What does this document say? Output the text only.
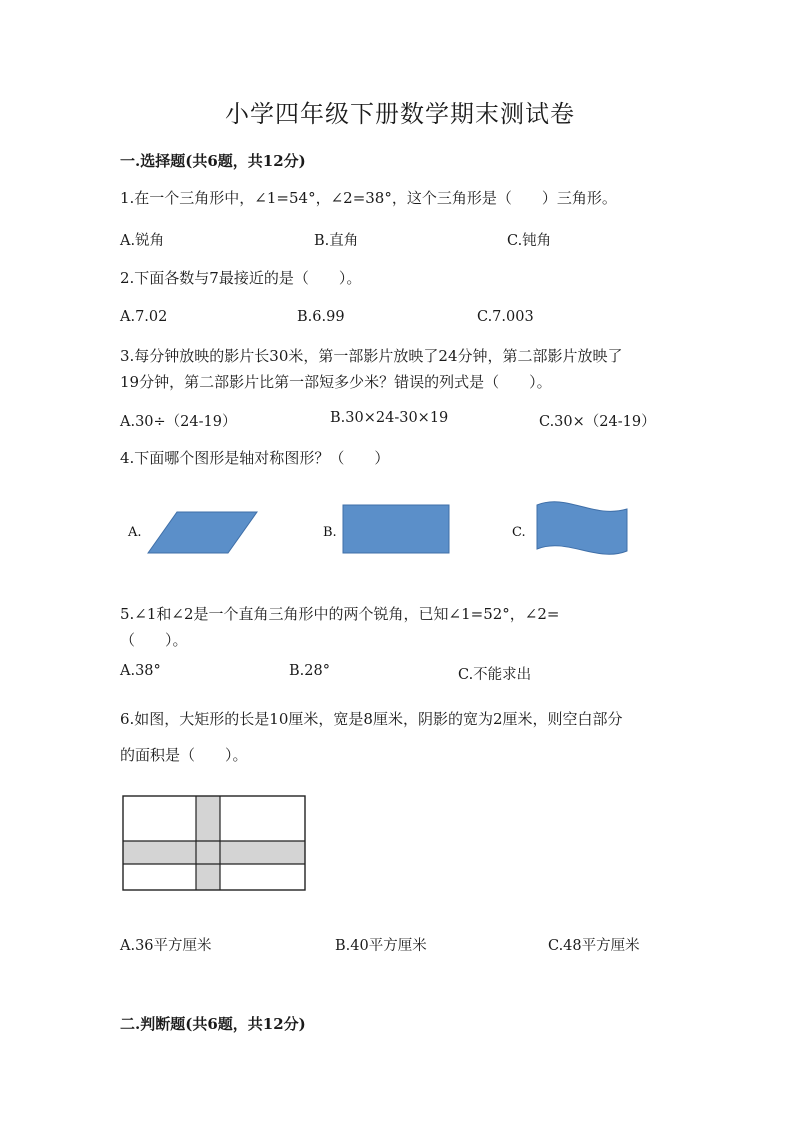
小学四年级下册数学期末测试卷
一.选择题(共6题，共12分)
1.在一个三角形中，∠1=54°，∠2=38°，这个三角形是（　　）三角形。
A.锐角	B.直角	C.钝角
2.下面各数与7最接近的是（　　）。
A.7.02	B.6.99	C.7.003
3.每分钟放映的影片长30米，第一部影片放映了24分钟，第二部影片放映了
19分钟，第二部影片比第一部短多少米？错误的列式是（　　）。
A.30÷（24-19）	B.30×24-30×19	C.30×（24-19）
4.下面哪个图形是轴对称图形？（　　）
A.	B.	C.
5.∠1和∠2是一个直角三角形中的两个锐角，已知∠1=52°，∠2=
（　　）。
A.38°	B.28°	C.不能求出
6.如图，大矩形的长是10厘米，宽是8厘米，阴影的宽为2厘米，则空白部分
的面积是（　　）。
A.36平方厘米	B.40平方厘米	C.48平方厘米
二.判断题(共6题，共12分)
